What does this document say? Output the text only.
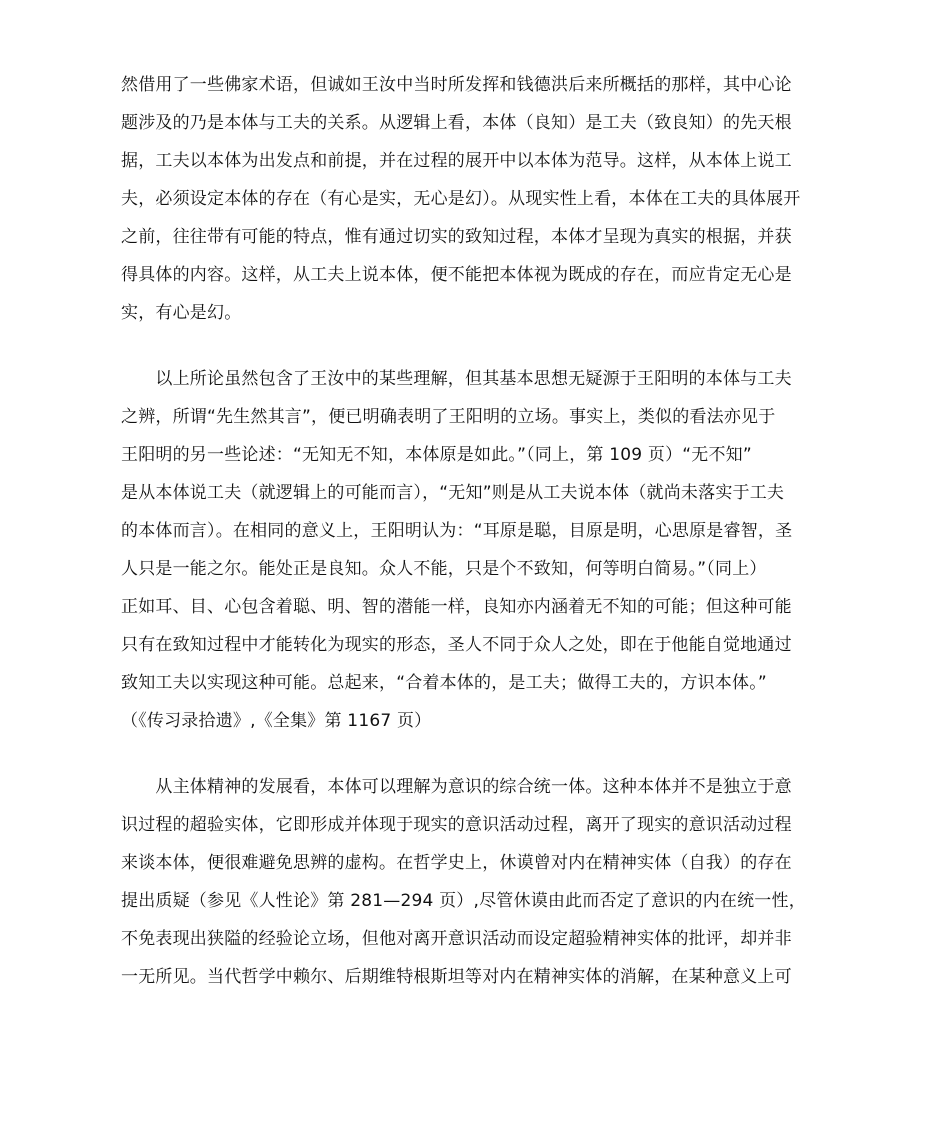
然借用了一些佛家术语，但诚如王汝中当时所发挥和钱德洪后来所概括的那样，其中心论
题涉及的乃是本体与工夫的关系。从逻辑上看，本体（良知）是工夫（致良知）的先天根
据，工夫以本体为出发点和前提，并在过程的展开中以本体为范导。这样，从本体上说工
夫，必须设定本体的存在（有心是实，无心是幻）。从现实性上看，本体在工夫的具体展开
之前，往往带有可能的特点，惟有通过切实的致知过程，本体才呈现为真实的根据，并获
得具体的内容。这样，从工夫上说本体，便不能把本体视为既成的存在，而应肯定无心是
实，有心是幻。

　　以上所论虽然包含了王汝中的某些理解，但其基本思想无疑源于王阳明的本体与工夫
之辨，所谓“先生然其言”，便已明确表明了王阳明的立场。事实上，类似的看法亦见于
王阳明的另一些论述：“无知无不知，本体原是如此。”（同上，第 109 页）“无不知”
是从本体说工夫（就逻辑上的可能而言），“无知”则是从工夫说本体（就尚未落实于工夫
的本体而言）。在相同的意义上，王阳明认为：“耳原是聪，目原是明，心思原是睿智，圣
人只是一能之尔。能处正是良知。众人不能，只是个不致知，何等明白简易。”（同上）
正如耳、目、心包含着聪、明、智的潜能一样，良知亦内涵着无不知的可能；但这种可能
只有在致知过程中才能转化为现实的形态，圣人不同于众人之处，即在于他能自觉地通过
致知工夫以实现这种可能。总起来，“合着本体的，是工夫；做得工夫的，方识本体。”
（《传习录拾遗》,《全集》第 1167 页）

　　从主体精神的发展看，本体可以理解为意识的综合统一体。这种本体并不是独立于意
识过程的超验实体，它即形成并体现于现实的意识活动过程，离开了现实的意识活动过程
来谈本体，便很难避免思辨的虚构。在哲学史上，休谟曾对内在精神实体（自我）的存在
提出质疑（参见《人性论》第 281—294 页）,尽管休谟由此而否定了意识的内在统一性，
不免表现出狭隘的经验论立场，但他对离开意识活动而设定超验精神实体的批评，却并非
一无所见。当代哲学中赖尔、后期维特根斯坦等对内在精神实体的消解，在某种意义上可
